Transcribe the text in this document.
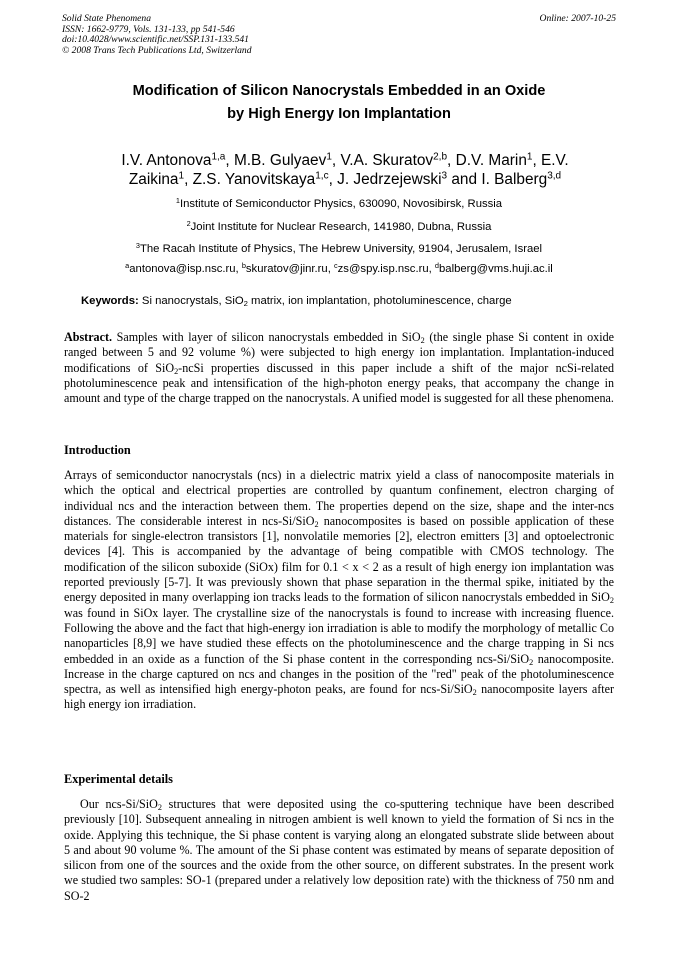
Solid State Phenomena
ISSN: 1662-9779, Vols. 131-133, pp 541-546
doi:10.4028/www.scientific.net/SSP.131-133.541
© 2008 Trans Tech Publications Ltd, Switzerland
Online: 2007-10-25
Modification of Silicon Nanocrystals Embedded in an Oxide
by High Energy Ion Implantation
I.V. Antonova$^{1,a}$, M.B. Gulyaev$^1$, V.A. Skuratov$^{2,b}$, D.V. Marin$^1$, E.V. Zaikina$^1$, Z.S. Yanovitskaya$^{1,c}$, J. Jedrzejewski$^3$ and I. Balberg$^{3,d}$
$^1$Institute of Semiconductor Physics, 630090, Novosibirsk, Russia
$^2$Joint Institute for Nuclear Research, 141980, Dubna, Russia
$^3$The Racah Institute of Physics, The Hebrew University, 91904, Jerusalem, Israel
$^a$antonova@isp.nsc.ru, $^b$skuratov@jinr.ru, $^c$zs@spy.isp.nsc.ru, $^d$balberg@vms.huji.ac.il
Keywords: Si nanocrystals, SiO$_2$ matrix, ion implantation, photoluminescence, charge
Abstract. Samples with layer of silicon nanocrystals embedded in SiO$_2$ (the single phase Si content in oxide ranged between 5 and 92 volume %) were subjected to high energy ion implantation. Implantation-induced modifications of SiO$_2$-ncSi properties discussed in this paper include a shift of the major ncSi-related photoluminescence peak and intensification of the high-photon energy peaks, that accompany the change in amount and type of the charge trapped on the nanocrystals. A unified model is suggested for all these phenomena.
Introduction
Arrays of semiconductor nanocrystals (ncs) in a dielectric matrix yield a class of nanocomposite materials in which the optical and electrical properties are controlled by quantum confinement, electron charging of individual ncs and the interaction between them. The properties depend on the size, shape and the inter-ncs distances. The considerable interest in ncs-Si/SiO$_2$ nanocomposites is based on possible application of these materials for single-electron transistors [1], nonvolatile memories [2], electron emitters [3] and optoelectronic devices [4]. This is accompanied by the advantage of being compatible with CMOS technology. The modification of the silicon suboxide (SiOx) film for 0.1 < x < 2 as a result of high energy ion implantation was reported previously [5-7]. It was previously shown that phase separation in the thermal spike, initiated by the energy deposited in many overlapping ion tracks leads to the formation of silicon nanocrystals embedded in SiO$_2$ was found in SiOx layer. The crystalline size of the nanocrystals is found to increase with increasing fluence. Following the above and the fact that high-energy ion irradiation is able to modify the morphology of metallic Co nanoparticles [8,9] we have studied these effects on the photoluminescence and the charge trapping in Si ncs embedded in an oxide as a function of the Si phase content in the corresponding ncs-Si/SiO$_2$ nanocomposite. Increase in the charge captured on ncs and changes in the position of the "red" peak of the photoluminescence spectra, as well as intensified high energy-photon peaks, are found for ncs-Si/SiO$_2$ nanocomposite layers after high energy ion irradiation.
Experimental details
Our ncs-Si/SiO$_2$ structures that were deposited using the co-sputtering technique have been described previously [10]. Subsequent annealing in nitrogen ambient is well known to yield the formation of Si ncs in the oxide. Applying this technique, the Si phase content is varying along an elongated substrate slide between about 5 and about 90 volume %. The amount of the Si phase content was estimated by means of separate deposition of silicon from one of the sources and the oxide from the other source, on different substrates. In the present work we studied two samples: SO-1 (prepared under a relatively low deposition rate) with the thickness of 750 nm and SO-2
